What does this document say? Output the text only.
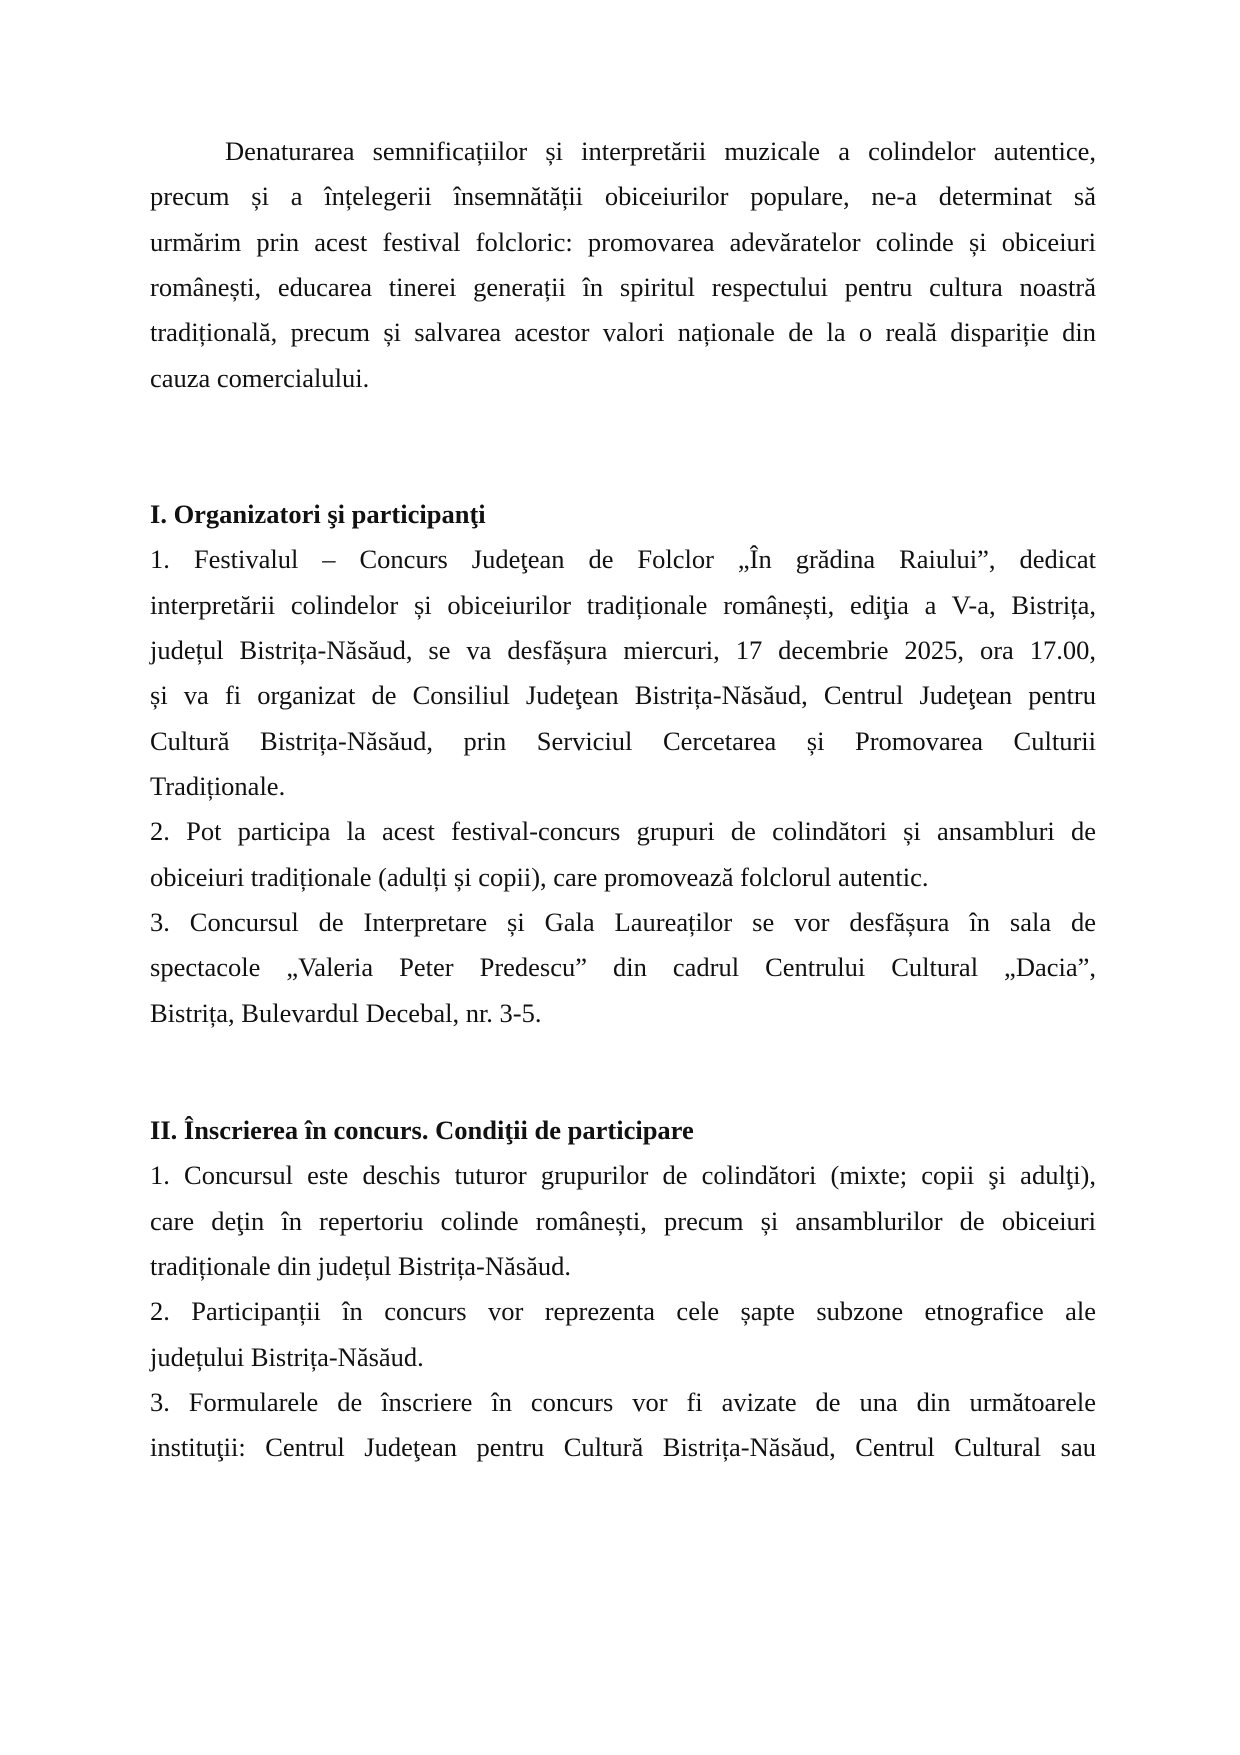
Denaturarea semnificațiilor și interpretării muzicale a colindelor autentice,
precum și a înțelegerii însemnătății obiceiurilor populare, ne-a determinat să
urmărim prin acest festival folcloric: promovarea adevăratelor colinde și obiceiuri
românești, educarea tinerei generații în spiritul respectului pentru cultura noastră
tradițională, precum și salvarea acestor valori naționale de la o reală dispariție din
cauza comercialului.
I. Organizatori şi participanţi
1. Festivalul – Concurs Judeţean de Folclor „În grădina Raiului”, dedicat
interpretării colindelor și obiceiurilor tradiționale românești, ediţia a V-a, Bistrița,
județul Bistrița-Năsăud, se va desfășura miercuri, 17 decembrie 2025, ora 17.00,
și va fi organizat de Consiliul Judeţean Bistrița-Năsăud, Centrul Judeţean pentru
Cultură Bistrița-Năsăud, prin Serviciul Cercetarea și Promovarea Culturii
Tradiționale.
2. Pot participa la acest festival-concurs grupuri de colindători și ansambluri de
obiceiuri tradiționale (adulți și copii), care promovează folclorul autentic.
3. Concursul de Interpretare și Gala Laureaților se vor desfășura în sala de
spectacole „Valeria Peter Predescu” din cadrul Centrului Cultural „Dacia”,
Bistrița, Bulevardul Decebal, nr. 3-5.
II. Înscrierea în concurs. Condiţii de participare
1. Concursul este deschis tuturor grupurilor de colindători (mixte; copii şi adulţi),
care deţin în repertoriu colinde românești, precum și ansamblurilor de obiceiuri
tradiționale din județul Bistrița-Năsăud.
2. Participanții în concurs vor reprezenta cele șapte subzone etnografice ale
județului Bistrița-Năsăud.
3. Formularele de înscriere în concurs vor fi avizate de una din următoarele
instituţii: Centrul Judeţean pentru Cultură Bistrița-Năsăud, Centrul Cultural sau
